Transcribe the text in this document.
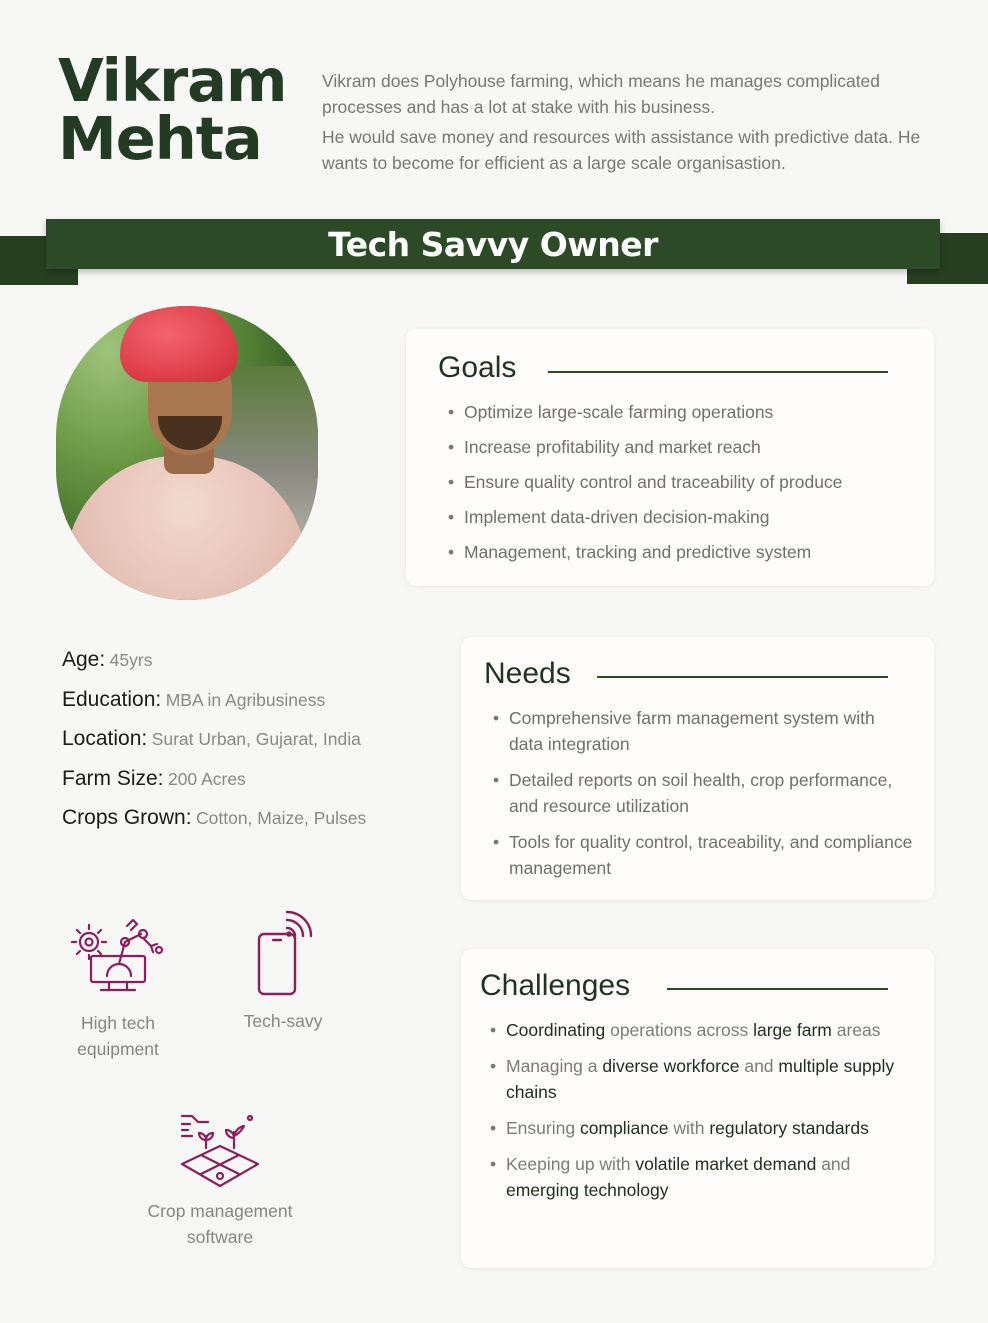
Vikram
Mehta

Vikram does Polyhouse farming, which means he manages complicated processes and has a lot at stake with his business.

He would save money and resources with assistance with predictive data. He wants to become for efficient as a large scale organisastion.

Tech Savvy Owner
Goals
• Optimize large-scale farming operations
• Increase profitability and market reach
• Ensure quality control and traceability of produce
• Implement data-driven decision-making
• Management, tracking and predictive system
Age: 45yrs
Education: MBA in Agribusiness
Location: Surat Urban, Gujarat, India
Farm Size: 200 Acres
Crops Grown: Cotton, Maize, Pulses
Needs
• Comprehensive farm management system with data integration
• Detailed reports on soil health, crop performance, and resource utilization
• Tools for quality control, traceability, and compliance management
Challenges
• Coordinating operations across large farm areas
• Managing a diverse workforce and multiple supply chains
• Ensuring compliance with regulatory standards
• Keeping up with volatile market demand and emerging technology
High tech
equipment
Tech-savy
Crop management
software
